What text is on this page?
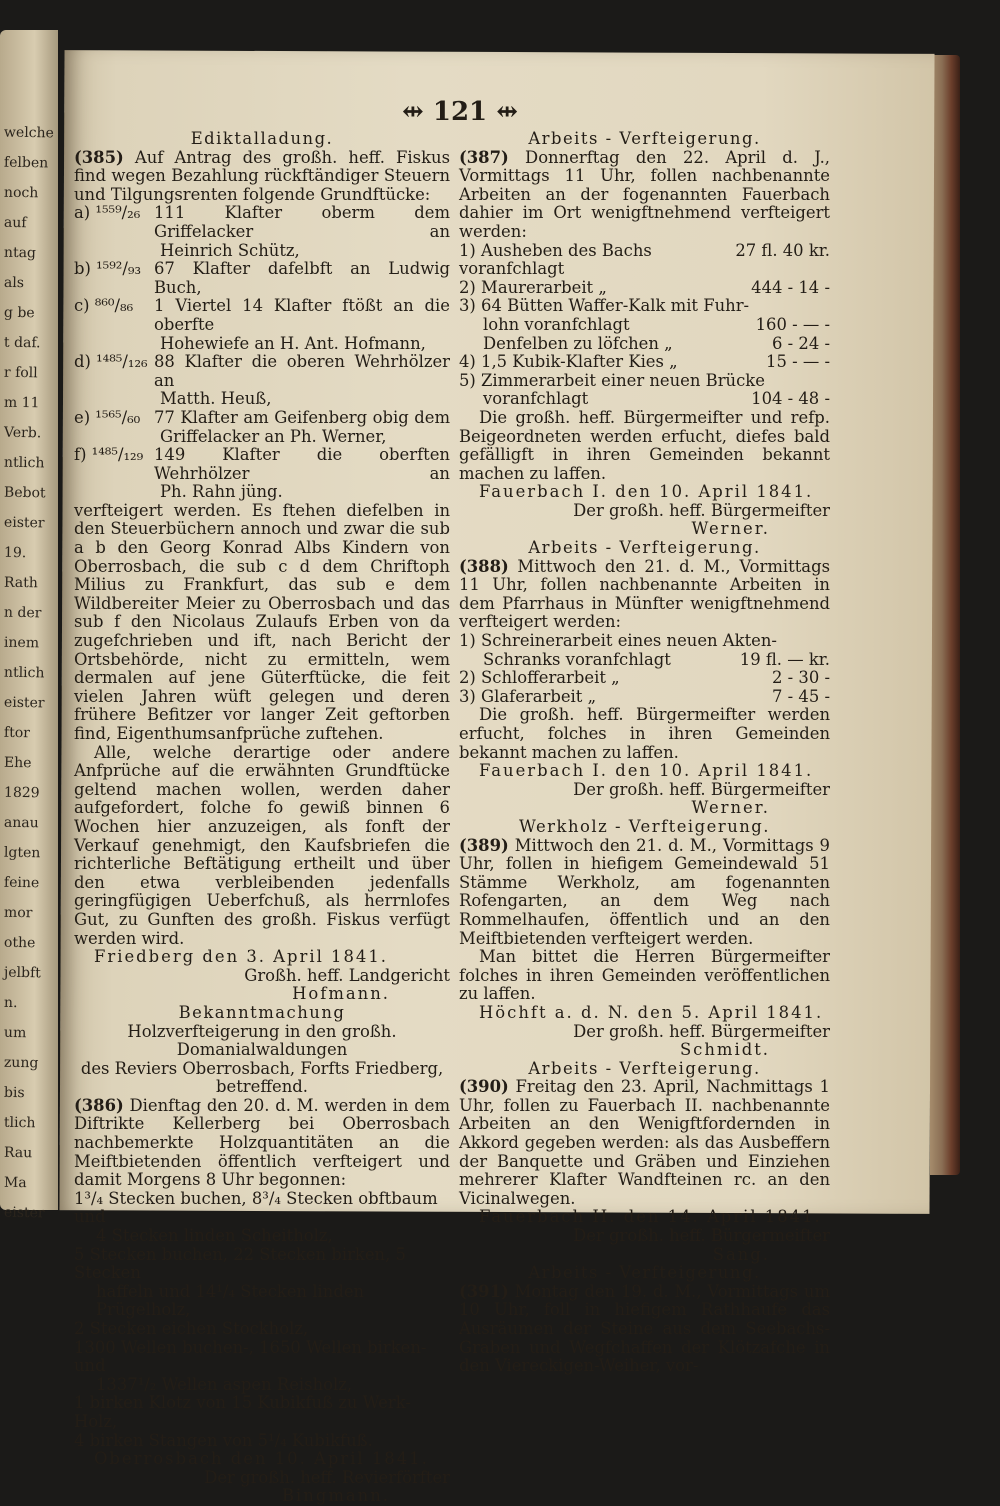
welche
felben
noch
auf
ntag
als
g be
t daf.
r foll
m 11
Verb.
ntlich
Bebot
eister
19.
Rath
n der
inem
ntlich
eister
ftor
Ehe
1829
anau
lgten
feine
mor
othe
jelbft
n.
um
zung
bis
tlich
Rau
Ma
eister
⇹ 121 ⇹

Ediktalladung.

(385) Auf Antrag des großh. heff. Fiskus find wegen Bezahlung rückftändiger Steuern und Tilgungsrenten folgende Grundftücke:

a) ¹⁵⁵⁹/₂₆ 111 Klafter oberm dem Griffelacker an

Heinrich Schütz,

b) ¹⁵⁹²/₉₃ 67 Klafter dafelbft an Ludwig Buch,
c) ⁸⁶⁰/₈₆	1 Viertel 14 Klafter ftößt an die oberfte

Hohewiefe an H. Ant. Hofmann,

d) ¹⁴⁸⁵/₁₂₆ 88 Klafter die oberen Wehrhölzer an

Matth. Heuß,

e) ¹⁵⁶⁵/₆₀ 77 Klafter am Geifenberg obig dem

Griffelacker an Ph. Werner,

f) ¹⁴⁸⁵/₁₂₉ 149 Klafter die oberften Wehrhölzer an

Ph. Rahn jüng.

verfteigert werden. Es ftehen diefelben in den Steuerbüchern annoch und zwar die sub a b den Georg Konrad Albs Kindern von Oberrosbach, die sub c d dem Chriftoph Milius zu Frankfurt, das sub e dem Wildbereiter Meier zu Oberrosbach und das sub f den Nicolaus Zulaufs Erben von da zugefchrieben und ift, nach Bericht der Ortsbehörde, nicht zu ermitteln, wem dermalen auf jene Güterftücke, die feit vielen Jahren wüft gelegen und deren frühere Befitzer vor langer Zeit geftorben find, Eigenthumsanfprüche zuftehen.

Alle, welche derartige oder andere Anfprüche auf die erwähnten Grundftücke geltend machen wollen, werden daher aufgefordert, folche fo gewiß binnen 6 Wochen hier anzuzeigen, als fonft der Verkauf genehmigt, den Kaufsbriefen die richterliche Beftätigung ertheilt und über den etwa verbleibenden jedenfalls geringfügigen Ueberfchuß, als herrnlofes Gut, zu Gunften des großh. Fiskus verfügt werden wird.

Friedberg den 3. April 1841.

Großh. heff. Landgericht

Hofmann.

Bekanntmachung

Holzverfteigerung in den großh. Domanialwaldungen

des Reviers Oberrosbach, Forfts Friedberg,

betreffend.

(386) Dienftag den 20. d. M. werden in dem Diftrikte Kellerberg bei Oberrosbach nachbemerkte Holzquantitäten an die Meiftbietenden öffentlich verfteigert und damit Morgens 8 Uhr begonnen:

1³/₄ Stecken buchen, 8³/₄ Stecken obftbaum und

4 Stecken linden Scheitholz,

5 Stecken buchen, 22 Stecken birken, 5 Stecken

haffeln und 14¹/₄ Stecken linden Prügelholz,

2 Stecken eichen Stockholz,

1300 Wellen buchen-, 1650 Wellen birken- und

1337¹/₂ Wellen aspen Reisholz,

1 birken Klotz von 15 Kubikfuß zu Werk-Holz,

4 birken Stangen von 5¹/₄ Kubikfuß.

Oberrosbach den 10. April 1841.

Der großh. heff. Revierförfter

Bingmann.

Arbeits - Verfteigerung.

(387) Donnerftag den 22. April d. J., Vormittags 11 Uhr, follen nachbenannte Arbeiten an der fogenannten Fauerbach dahier im Ort wenigftnehmend verfteigert werden:

1) Ausheben des Bachs voranfchlagt
27 fl. 40 kr.
2) Maurerarbeit „	444 - 14 -
3) 64 Bütten Waffer-Kalk mit Fuhr-
lohn voranfchlagt	160 - — -
Denfelben zu löfchen „	6 - 24 -
4) 1,5 Kubik-Klafter Kies „	15 - — -
5) Zimmerarbeit einer neuen Brücke
voranfchlagt	104 - 48 -

Die großh. heff. Bürgermeifter und refp. Beigeordneten werden erfucht, diefes bald gefälligft in ihren Gemeinden bekannt machen zu laffen.

Fauerbach I. den 10. April 1841.

Der großh. heff. Bürgermeifter

Werner.

Arbeits - Verfteigerung.

(388) Mittwoch den 21. d. M., Vormittags 11 Uhr, follen nachbenannte Arbeiten in dem Pfarrhaus in Münfter wenigftnehmend verfteigert werden:

1) Schreinerarbeit eines neuen Akten-
Schranks voranfchlagt	19 fl. — kr.
2) Schlofferarbeit „	2 - 30 -
3) Glaferarbeit „	7 - 45 -

Die großh. heff. Bürgermeifter werden erfucht, folches in ihren Gemeinden bekannt machen zu laffen.

Fauerbach I. den 10. April 1841.

Der großh. heff. Bürgermeifter

Werner.

Werkholz - Verfteigerung.

(389) Mittwoch den 21. d. M., Vormittags 9 Uhr, follen in hiefigem Gemeindewald 51 Stämme Werkholz, am fogenannten Rofengarten, an dem Weg nach Rommelhaufen, öffentlich und an den Meiftbietenden verfteigert werden.

Man bittet die Herren Bürgermeifter folches in ihren Gemeinden veröffentlichen zu laffen.

Höchft a. d. N. den 5. April 1841.

Der großh. heff. Bürgermeifter

Schmidt.

Arbeits - Verfteigerung.

(390) Freitag den 23. April, Nachmittags 1 Uhr, follen zu Fauerbach II. nachbenannte Arbeiten an den Wenigftfordernden in Akkord gegeben werden: als das Ausbeffern der Banquette und Gräben und Einziehen mehrerer Klafter Wandfteinen rc. an den Vicinalwegen.

Fauerbach II. den 14. April 1841.

Der großh. heff. Bürgermeifter

Sang.

Arbeits - Verfteigerung.

(391) Montag den 19. d. M., Vormittags um 10 Uhr, foll in hiefigem Rathhaufe das Ausräumen der Steine aus dem Seebachs-Graben und Wegfchaffen der Klötzafche in den Viereckigen-Weiher, vor-
